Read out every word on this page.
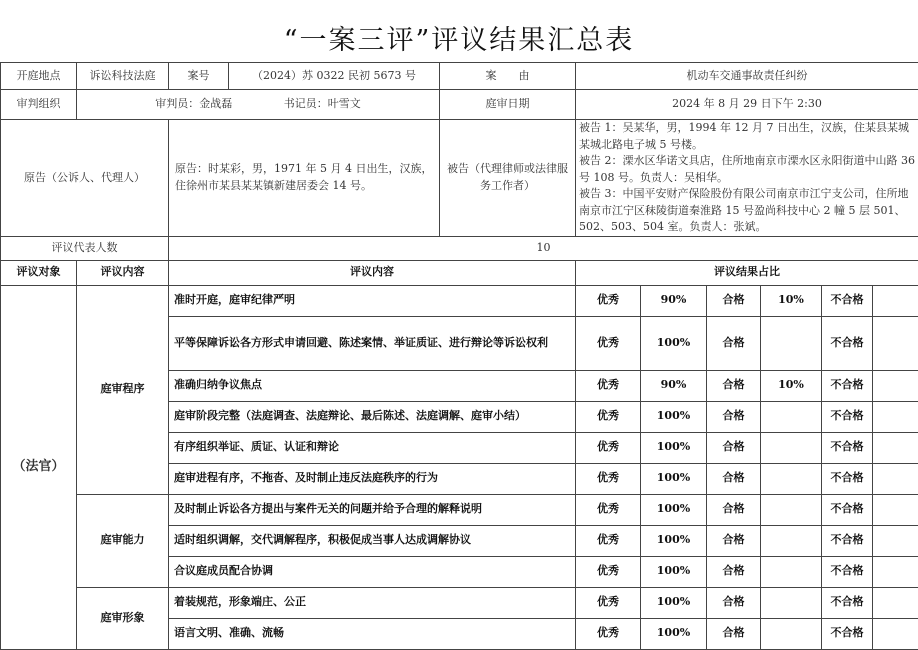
“一案三评”评议结果汇总表
开庭地点	诉讼科技法庭	案号	（2024）苏 0322 民初 5673 号	案　　由	机动车交通事故责任纠纷					
审判组织	审判员：金战磊 书记员：叶雪文			庭审日期	2024 年 8 月 29 日下午 2:30					
原告（公诉人、代理人）		原告：时某彩，男，1971 年 5 月 4 日出生，汉族，住徐州市某县某某镇新建居委会 14 号。		被告（代理律师或法律服务工作者）	被告 1：吴某华，男，1994 年 12 月 7 日出生，汉族，住某县某城某城北路电子城 5 号楼。
被告 2：溧水区华诺文具店，住所地南京市溧水区永阳街道中山路 36 号 108 号。负责人：吴相华。
被告 3：中国平安财产保险股份有限公司南京市江宁支公司，住所地南京市江宁区秣陵街道秦淮路 15 号盈尚科技中心 2 幢 5 层 501、502、503、504 室。负责人：张斌。					

评议代表人数		10								
评议对象	评议内容	评议内容			评议结果占比					
（法官）	庭审程序	准时开庭，庭审纪律严明			优秀	90%	合格	10%	不合格	
		平等保障诉讼各方形式申请回避、陈述案情、举证质证、进行辩论等诉讼权利			优秀	100%	合格		不合格	
		准确归纳争议焦点			优秀	90%	合格	10%	不合格	
		庭审阶段完整（法庭调查、法庭辩论、最后陈述、法庭调解、庭审小结）			优秀	100%	合格		不合格	
		有序组织举证、质证、认证和辩论			优秀	100%	合格		不合格	
		庭审进程有序，不拖沓、及时制止违反法庭秩序的行为			优秀	100%	合格		不合格	
	庭审能力	及时制止诉讼各方提出与案件无关的问题并给予合理的解释说明			优秀	100%	合格		不合格	
		适时组织调解，交代调解程序，积极促成当事人达成调解协议			优秀	100%	合格		不合格	
		合议庭成员配合协调			优秀	100%	合格		不合格	
	庭审形象	着装规范，形象端庄、公正			优秀	100%	合格		不合格	
		语言文明、准确、流畅			优秀	100%	合格		不合格	
